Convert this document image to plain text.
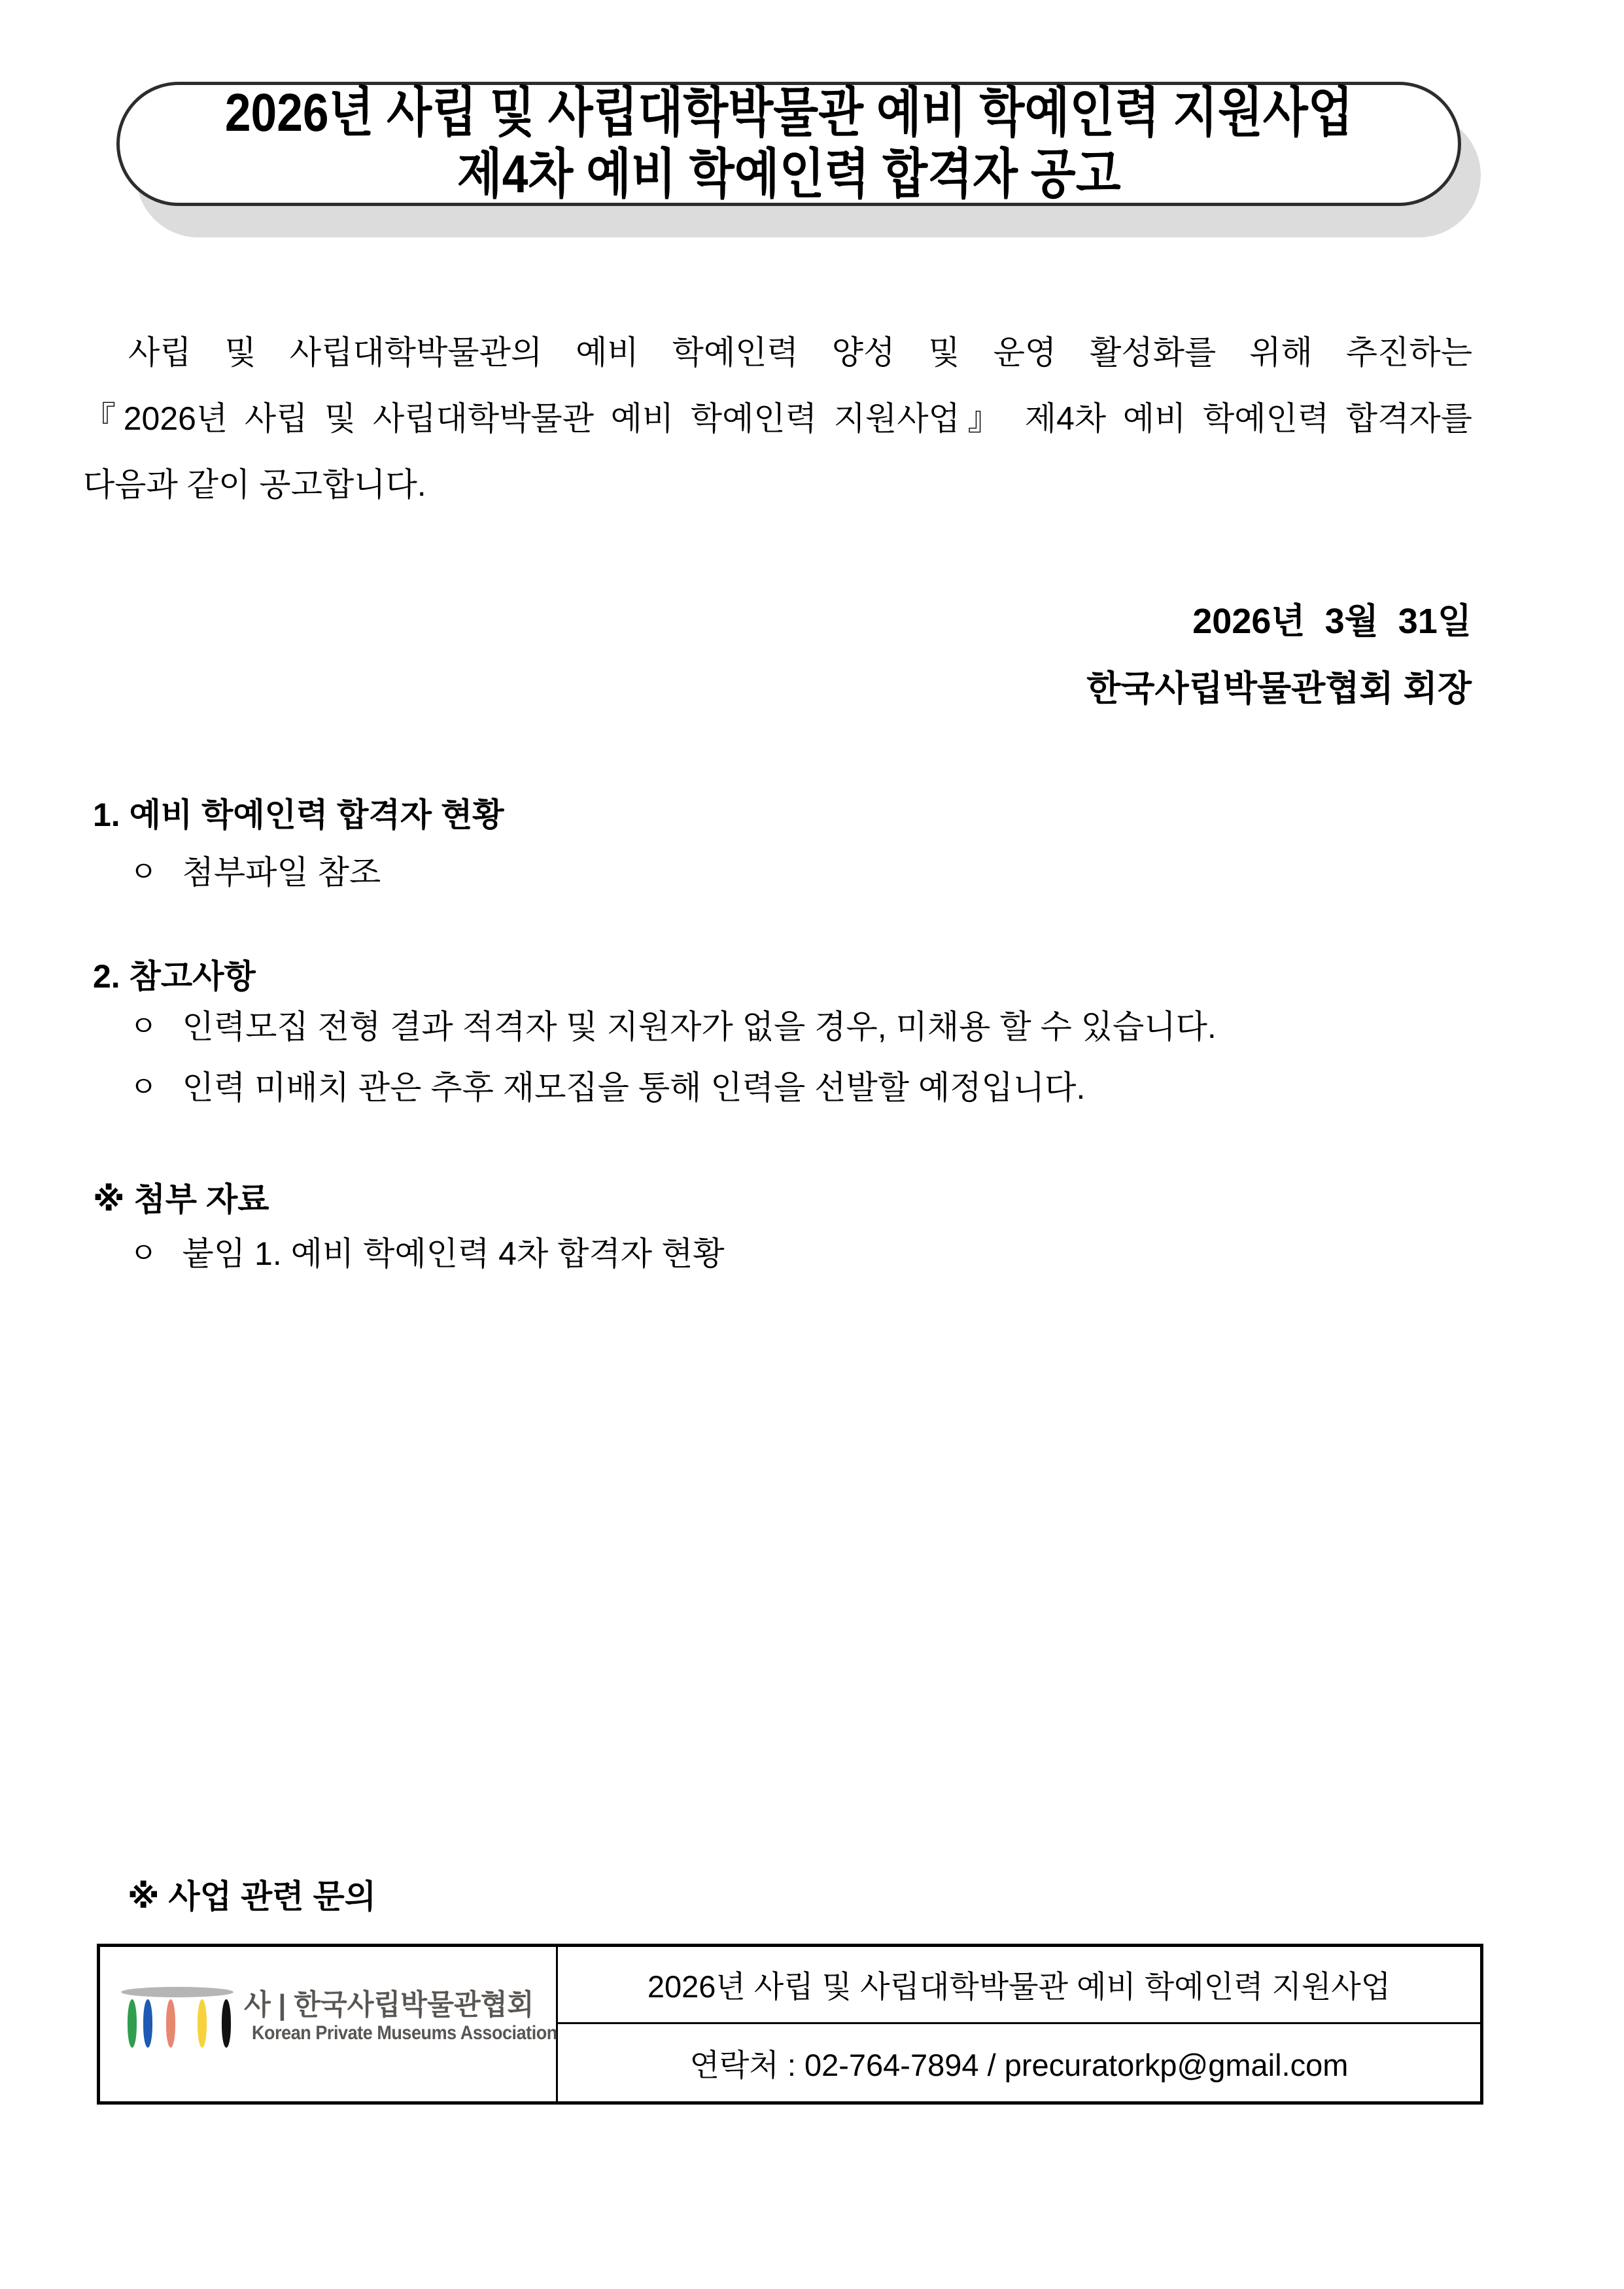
2026년 사립 및 사립대학박물관 예비 학예인력 지원사업
제4차 예비 학예인력 합격자 공고
사립 및 사립대학박물관의 예비 학예인력 양성 및 운영 활성화를 위해 추진하는
『2026년 사립 및 사립대학박물관 예비 학예인력 지원사업』 제4차 예비 학예인력 합격자를
다음과 같이 공고합니다.
2026년  3월  31일
한국사립박물관협회 회장
1. 예비 학예인력 합격자 현황
ㅇ 첨부파일 참조
2. 참고사항
ㅇ 인력모집 전형 결과 적격자 및 지원자가 없을 경우, 미채용 할 수 있습니다.
ㅇ 인력 미배치 관은 추후 재모집을 통해 인력을 선발할 예정입니다.
※ 첨부 자료
ㅇ 붙임 1. 예비 학예인력 4차 합격자 현황
※ 사업 관련 문의
사 | 한국사립박물관협회
Korean Private Museums Association
2026년 사립 및 사립대학박물관 예비 학예인력 지원사업
연락처 : 02-764-7894 / precuratorkp@gmail.com
